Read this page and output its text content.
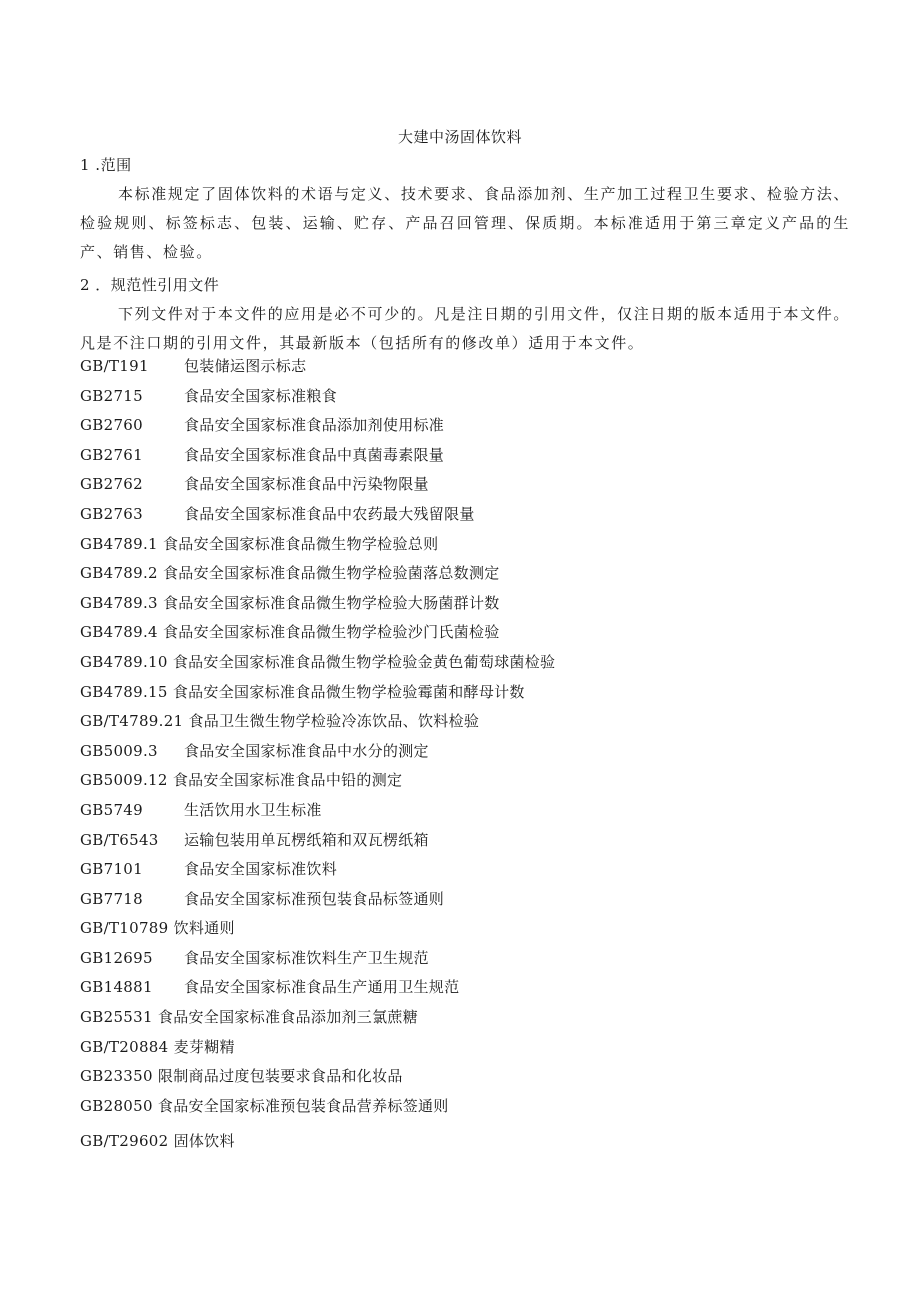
大建中汤固体饮料
1 .范围
本标准规定了固体饮料的术语与定义、技术要求、食品添加剂、生产加工过程卫生要求、检验方法、检验规则、标签标志、包装、运输、贮存、产品召回管理、保质期。本标准适用于第三章定义产品的生产、销售、检验。
2 ．规范性引用文件
下列文件对于本文件的应用是必不可少的。凡是注日期的引用文件，仅注日期的版本适用于本文件。凡是不注口期的引用文件，其最新版本（包括所有的修改单）适用于本文件。
GB/T191 包装储运图示标志
GB2715	食品安全国家标准粮食
GB2760	食品安全国家标准食品添加剂使用标准
GB2761	食品安全国家标准食品中真菌毒素限量
GB2762	食品安全国家标准食品中污染物限量
GB2763	食品安全国家标准食品中农药最大残留限量
GB4789.1 食品安全国家标准食品微生物学检验总则
GB4789.2 食品安全国家标准食品微生物学检验菌落总数测定
GB4789.3 食品安全国家标准食品微生物学检验大肠菌群计数
GB4789.4 食品安全国家标准食品微生物学检验沙门氏菌检验
GB4789.10 食品安全国家标准食品微生物学检验金黄色葡萄球菌检验
GB4789.15 食品安全国家标准食品微生物学检验霉菌和酵母计数
GB/T4789.21 食品卫生微生物学检验冷冻饮品、饮料检验
GB5009.3 食品安全国家标准食品中水分的测定
GB5009.12 食品安全国家标准食品中铅的测定
GB5749	生活饮用水卫生标准
GB/T6543 运输包装用单瓦楞纸箱和双瓦楞纸箱
GB7101	食品安全国家标准饮料
GB7718	食品安全国家标准预包装食品标签通则
GB/T10789 饮料通则
GB12695 食品安全国家标准饮料生产卫生规范
GB14881 食品安全国家标准食品生产通用卫生规范
GB25531 食品安全国家标准食品添加剂三氯蔗糖
GB/T20884 麦芽糊精
GB23350 限制商品过度包装要求食品和化妆品
GB28050 食品安全国家标准预包装食品营养标签通则
GB/T29602 固体饮料
